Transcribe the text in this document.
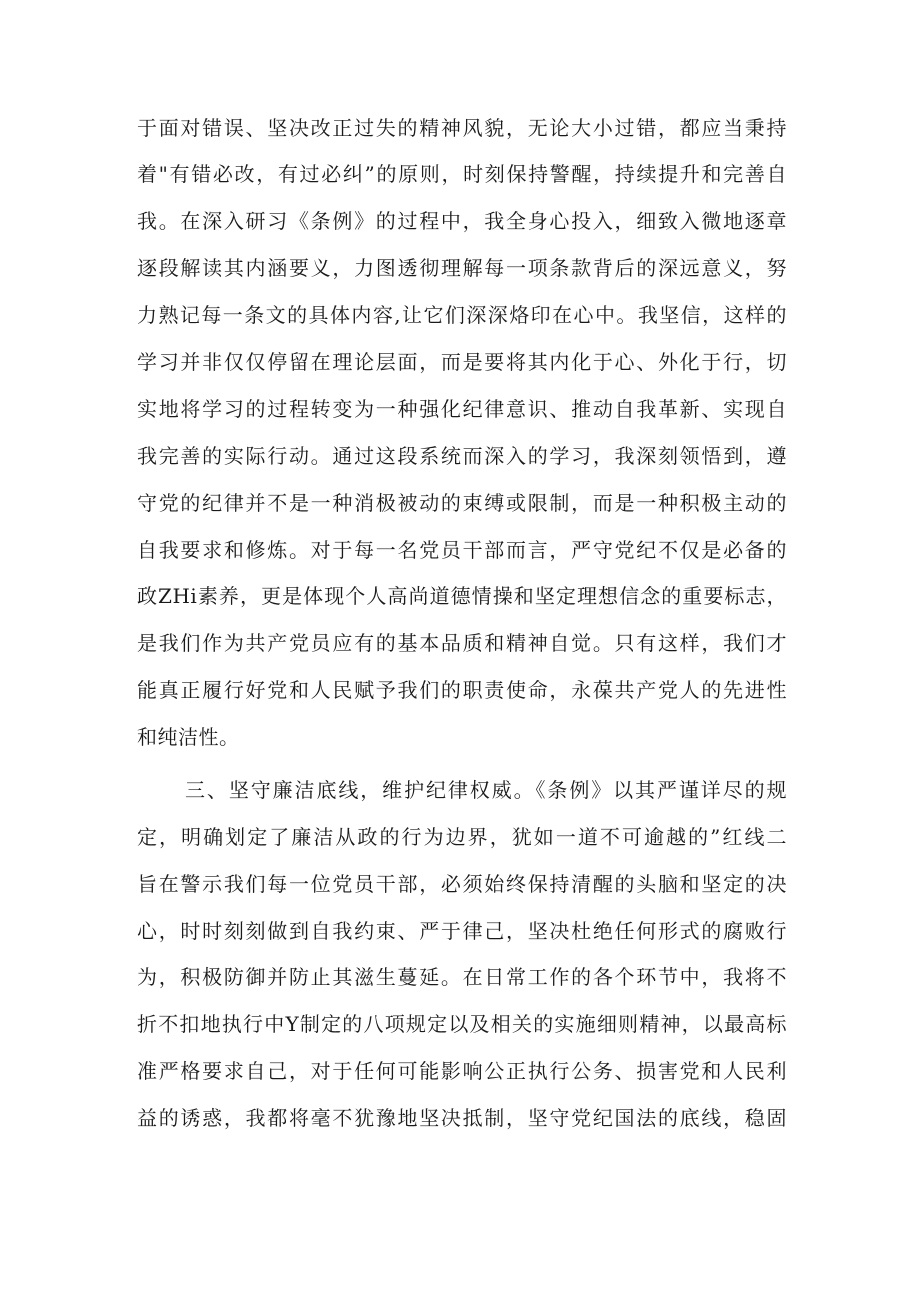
于面对错误、坚决改正过失的精神风貌，无论大小过错，都应当秉持
着"有错必改，有过必纠”的原则，时刻保持警醒，持续提升和完善自
我。在深入研习《条例》的过程中，我全身心投入，细致入微地逐章
逐段解读其内涵要义，力图透彻理解每一项条款背后的深远意义，努
力熟记每一条文的具体内容,让它们深深烙印在心中。我坚信，这样的
学习并非仅仅停留在理论层面，而是要将其内化于心、外化于行，切
实地将学习的过程转变为一种强化纪律意识、推动自我革新、实现自
我完善的实际行动。通过这段系统而深入的学习，我深刻领悟到，遵
守党的纪律并不是一种消极被动的束缚或限制，而是一种积极主动的
自我要求和修炼。对于每一名党员干部而言，严守党纪不仅是必备的
政ZHi素养，更是体现个人高尚道德情操和坚定理想信念的重要标志，
是我们作为共产党员应有的基本品质和精神自觉。只有这样，我们才
能真正履行好党和人民赋予我们的职责使命，永葆共产党人的先进性
和纯洁性。
三、坚守廉洁底线，维护纪律权威。《条例》以其严谨详尽的规
定，明确划定了廉洁从政的行为边界，犹如一道不可逾越的”红线二
旨在警示我们每一位党员干部，必须始终保持清醒的头脑和坚定的决
心，时时刻刻做到自我约束、严于律己，坚决杜绝任何形式的腐败行
为，积极防御并防止其滋生蔓延。在日常工作的各个环节中，我将不
折不扣地执行中Y制定的八项规定以及相关的实施细则精神，以最高标
准严格要求自己，对于任何可能影响公正执行公务、损害党和人民利
益的诱惑，我都将毫不犹豫地坚决抵制，坚守党纪国法的底线，稳固
